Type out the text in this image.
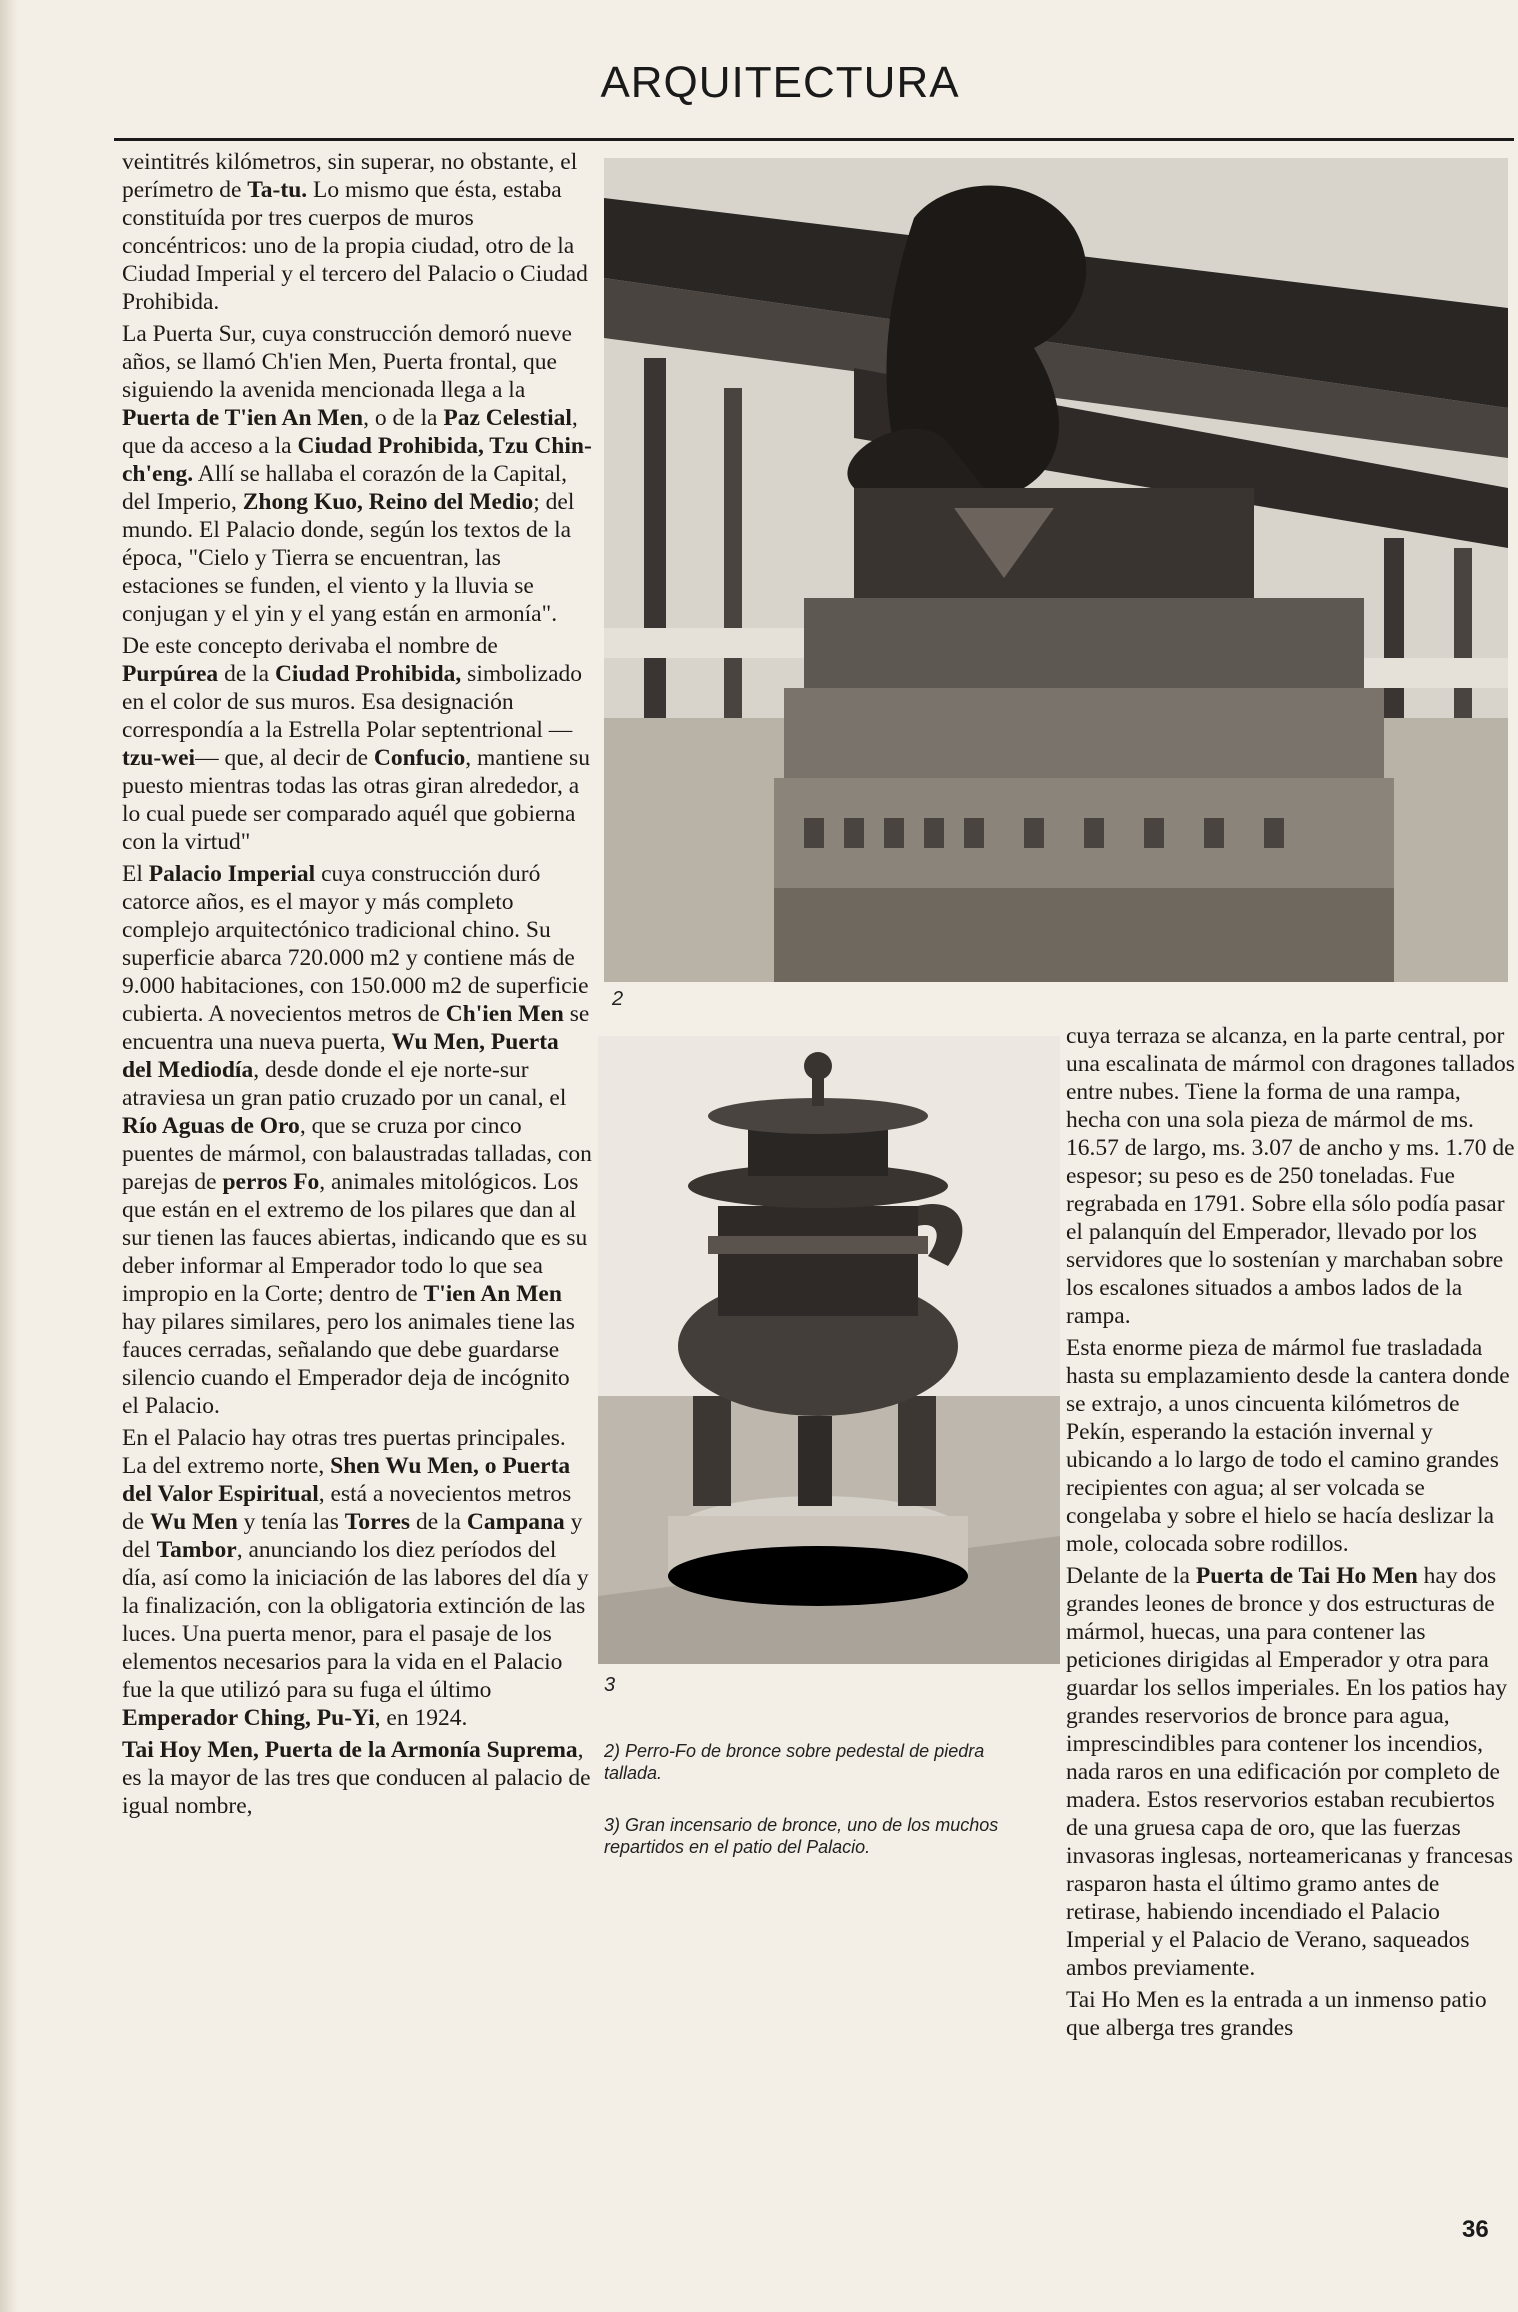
ARQUITECTURA

veintitrés kilómetros, sin superar, no obstante, el perímetro de Ta-tu. Lo mismo que ésta, estaba constituída por tres cuerpos de muros concéntricos: uno de la propia ciudad, otro de la Ciudad Imperial y el tercero del Palacio o Ciudad Prohibida.

La Puerta Sur, cuya construcción demoró nueve años, se llamó Ch'ien Men, Puerta frontal, que siguiendo la avenida mencionada llega a la Puerta de T'ien An Men, o de la Paz Celestial, que da acceso a la Ciudad Prohibida, Tzu Chin-ch'eng. Allí se hallaba el corazón de la Capital, del Imperio, Zhong Kuo, Reino del Medio; del mundo. El Palacio donde, según los textos de la época, "Cielo y Tierra se encuentran, las estaciones se funden, el viento y la lluvia se conjugan y el yin y el yang están en armonía".

De este concepto derivaba el nombre de Purpúrea de la Ciudad Prohibida, simbolizado en el color de sus muros. Esa designación correspondía a la Estrella Polar septentrional —tzu-wei— que, al decir de Confucio, mantiene su puesto mientras todas las otras giran alrededor, a lo cual puede ser comparado aquél que gobierna con la virtud"

El Palacio Imperial cuya construcción duró catorce años, es el mayor y más completo complejo arquitectónico tradicional chino. Su superficie abarca 720.000 m2 y contiene más de 9.000 habitaciones, con 150.000 m2 de superficie cubierta. A novecientos metros de Ch'ien Men se encuentra una nueva puerta, Wu Men, Puerta del Mediodía, desde donde el eje norte-sur atraviesa un gran patio cruzado por un canal, el Río Aguas de Oro, que se cruza por cinco puentes de mármol, con balaustradas talladas, con parejas de perros Fo, animales mitológicos. Los que están en el extremo de los pilares que dan al sur tienen las fauces abiertas, indicando que es su deber informar al Emperador todo lo que sea impropio en la Corte; dentro de T'ien An Men hay pilares similares, pero los animales tiene las fauces cerradas, señalando que debe guardarse silencio cuando el Emperador deja de incógnito el Palacio.

En el Palacio hay otras tres puertas principales. La del extremo norte, Shen Wu Men, o Puerta del Valor Espiritual, está a novecientos metros de Wu Men y tenía las Torres de la Campana y del Tambor, anunciando los diez períodos del día, así como la iniciación de las labores del día y la finalización, con la obligatoria extinción de las luces. Una puerta menor, para el pasaje de los elementos necesarios para la vida en el Palacio fue la que utilizó para su fuga el último Emperador Ching, Pu-Yi, en 1924.

Tai Hoy Men, Puerta de la Armonía Suprema, es la mayor de las tres que conducen al palacio de igual nombre,

2
3
2) Perro-Fo de bronce sobre pedestal de piedra tallada.
3) Gran incensario de bronce, uno de los muchos repartidos en el patio del Palacio.

cuya terraza se alcanza, en la parte central, por una escalinata de mármol con dragones tallados entre nubes. Tiene la forma de una rampa, hecha con una sola pieza de mármol de ms. 16.57 de largo, ms. 3.07 de ancho y ms. 1.70 de espesor; su peso es de 250 toneladas. Fue regrabada en 1791. Sobre ella sólo podía pasar el palanquín del Emperador, llevado por los servidores que lo sostenían y marchaban sobre los escalones situados a ambos lados de la rampa.

Esta enorme pieza de mármol fue trasladada hasta su emplazamiento desde la cantera donde se extrajo, a unos cincuenta kilómetros de Pekín, esperando la estación invernal y ubicando a lo largo de todo el camino grandes recipientes con agua; al ser volcada se congelaba y sobre el hielo se hacía deslizar la mole, colocada sobre rodillos.

Delante de la Puerta de Tai Ho Men hay dos grandes leones de bronce y dos estructuras de mármol, huecas, una para contener las peticiones dirigidas al Emperador y otra para guardar los sellos imperiales. En los patios hay grandes reservorios de bronce para agua, imprescindibles para contener los incendios, nada raros en una edificación por completo de madera. Estos reservorios estaban recubiertos de una gruesa capa de oro, que las fuerzas invasoras inglesas, norteamericanas y francesas rasparon hasta el último gramo antes de retirase, habiendo incendiado el Palacio Imperial y el Palacio de Verano, saqueados ambos previamente.

Tai Ho Men es la entrada a un inmenso patio que alberga tres grandes

36
